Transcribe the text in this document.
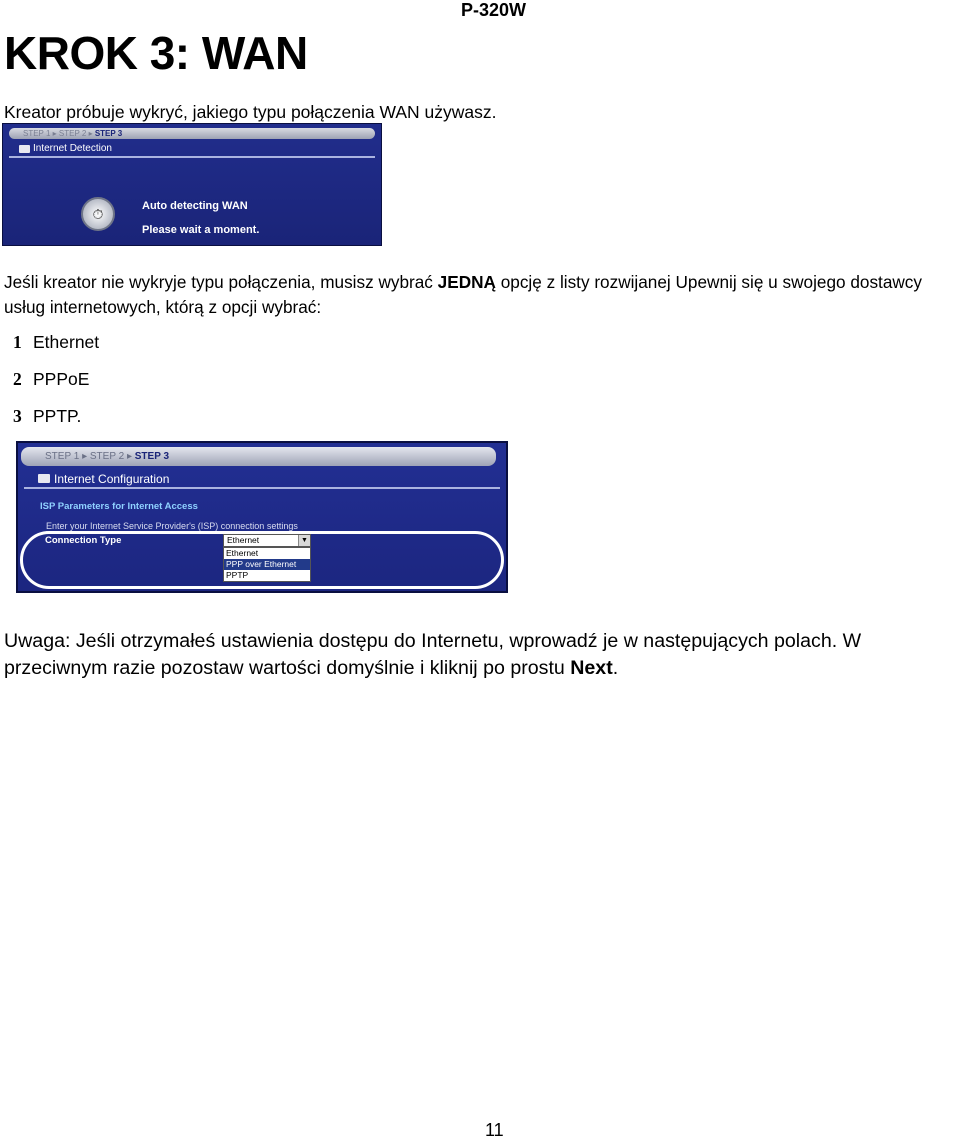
P-320W
KROK 3: WAN
Kreator próbuje wykryć, jakiego typu połączenia WAN używasz.
STEP 1 ▸ STEP 2 ▸ STEP 3
Internet Detection
⏱	Auto detecting WAN
Please wait a moment.
Jeśli kreator nie wykryje typu połączenia, musisz wybrać JEDNĄ opcję z listy rozwijanej Upewnij się u swojego dostawcy usług internetowych, którą z opcji wybrać:
1 Ethernet
2 PPPoE
3 PPTP.
STEP 1 ▸ STEP 2 ▸ STEP 3
Internet Configuration
ISP Parameters for Internet Access
Enter your Internet Service Provider's (ISP) connection settings
Connection Type	Ethernet	▼
Ethernet
PPP over Ethernet
PPTP
Uwaga: Jeśli otrzymałeś ustawienia dostępu do Internetu, wprowadź je w następujących polach. W przeciwnym razie pozostaw wartości domyślnie i kliknij po prostu Next.
11
